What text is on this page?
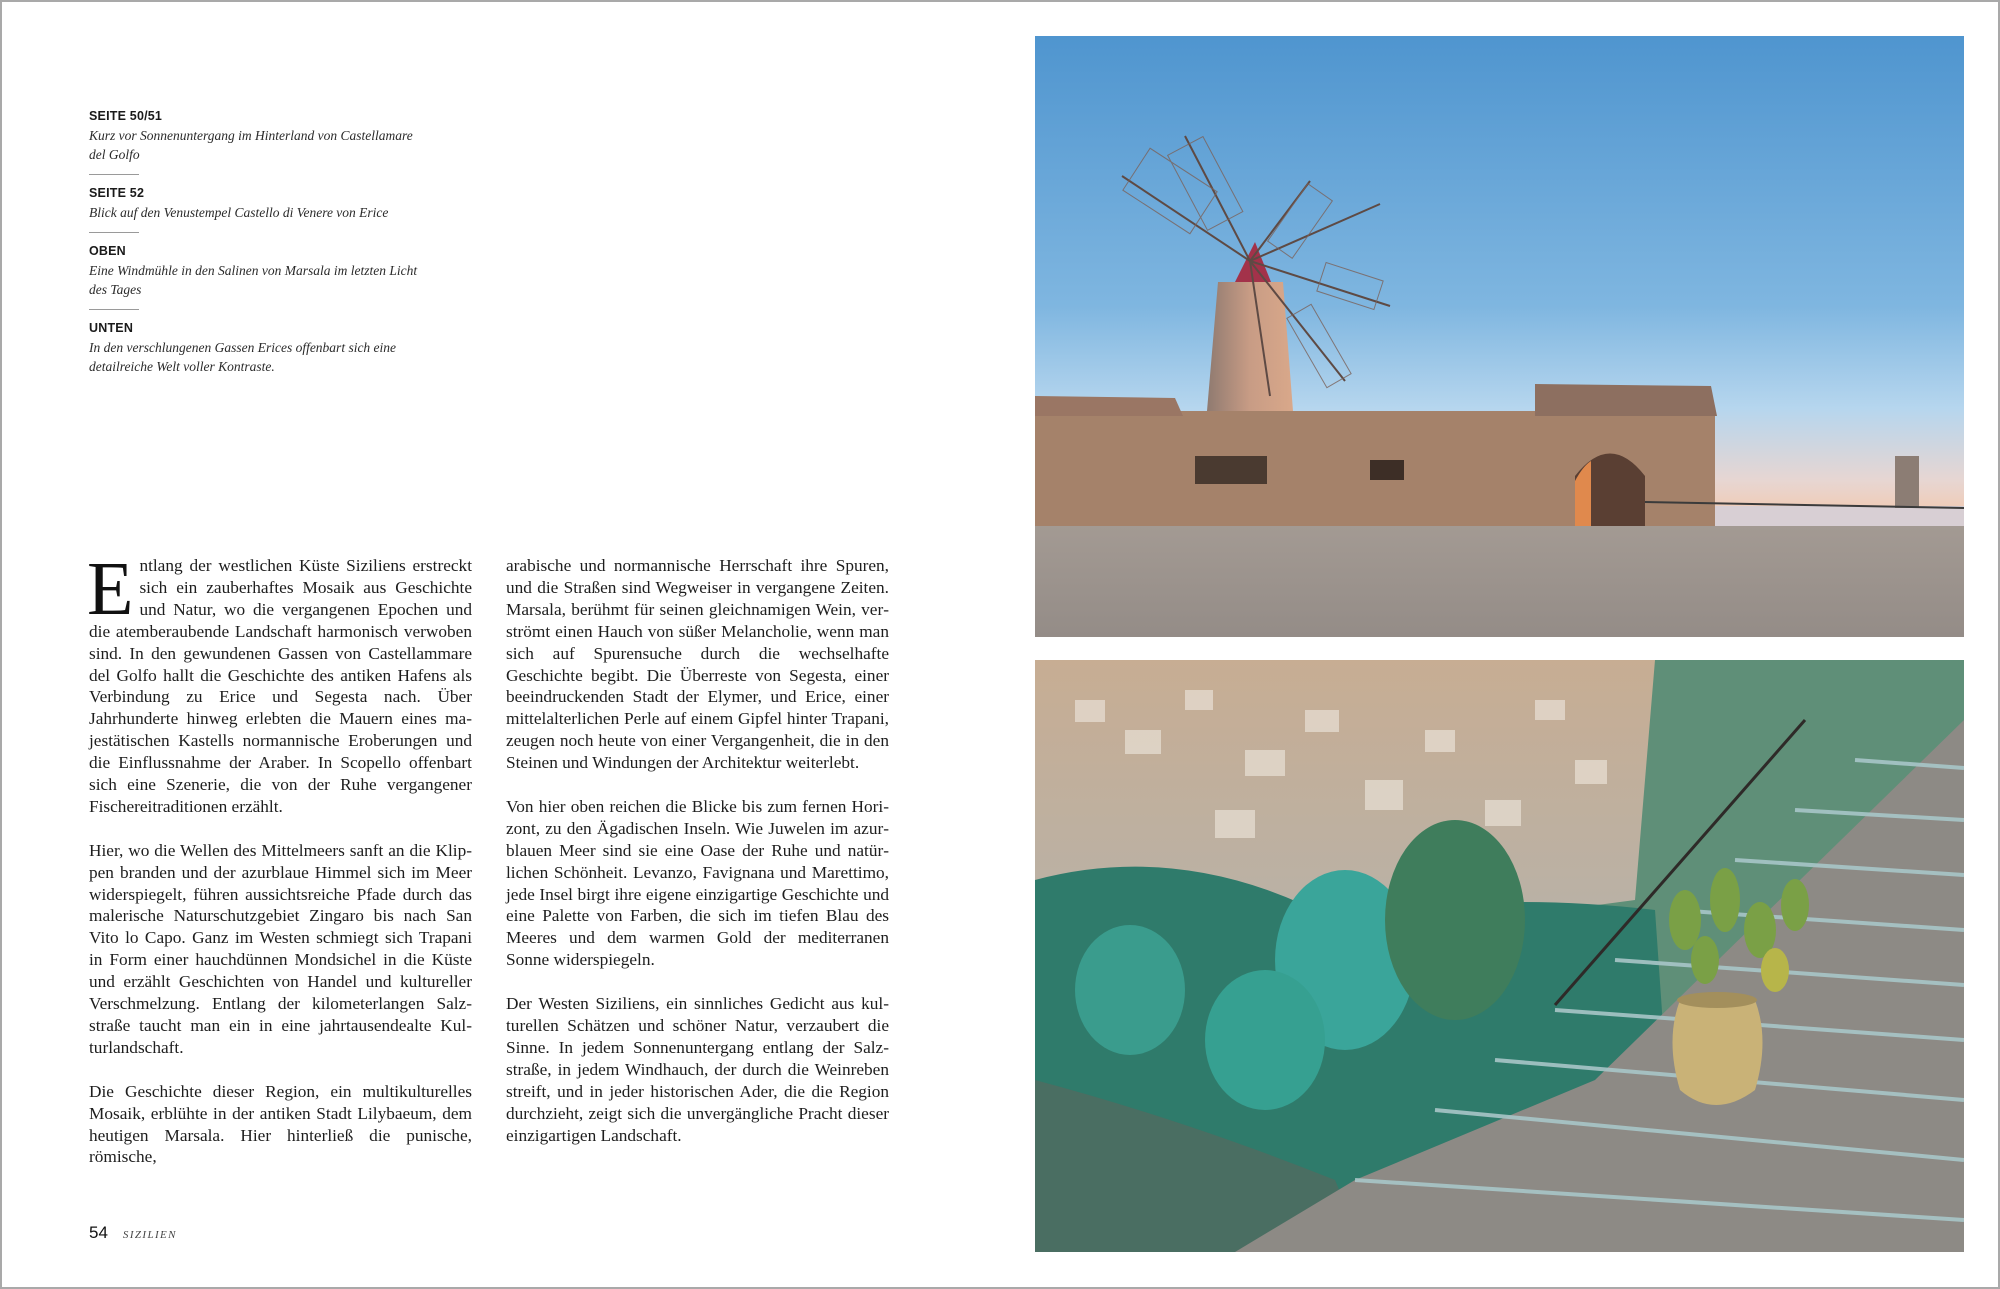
SEITE 50/51
Kurz vor Sonnenuntergang im Hinterland von Castellamare del Golfo
SEITE 52
Blick auf den Venustempel Castello di Venere von Erice
OBEN
Eine Windmühle in den Salinen von Marsala im letzten Licht des Tages
UNTEN
In den verschlungenen Gassen Erices offenbart sich eine detailreiche Welt voller Kontraste.

Entlang der westlichen Küste Siziliens erstreckt sich ein zauberhaftes Mosaik aus Geschichte und Natur, wo die vergangenen Epochen und die atemberaubende Landschaft harmonisch verwoben sind. In den gewundenen Gassen von Castellammare del Golfo hallt die Geschichte des antiken Hafens als Verbindung zu Erice und Segesta nach. Über Jahrhunderte hinweg erlebten die Mauern eines majestätischen Kastells normannische Eroberungen und die Einflussnahme der Araber. In Scopello offenbart sich eine Szenerie, die von der Ruhe vergangener Fischereitraditionen erzählt.

Hier, wo die Wellen des Mittelmeers sanft an die Klippen branden und der azurblaue Himmel sich im Meer widerspiegelt, führen aussichtsreiche Pfade durch das malerische Naturschutzgebiet Zingaro bis nach San Vito lo Capo. Ganz im Westen schmiegt sich Trapani in Form einer hauchdünnen Mondsichel in die Küste und erzählt Geschichten von Handel und kultureller Verschmelzung. Entlang der kilometerlangen Salzstraße taucht man ein in eine jahrtausendealte Kulturlandschaft.

Die Geschichte dieser Region, ein multikulturelles Mosaik, erblühte in der antiken Stadt Lilybaeum, dem heutigen Marsala. Hier hinterließ die punische, römische,

arabische und normannische Herrschaft ihre Spuren, und die Straßen sind Wegweiser in vergangene Zeiten. Marsala, berühmt für seinen gleichnamigen Wein, verströmt einen Hauch von süßer Melancholie, wenn man sich auf Spurensuche durch die wechselhafte Geschichte begibt. Die Überreste von Segesta, einer beeindruckenden Stadt der Elymer, und Erice, einer mittelalterlichen Perle auf einem Gipfel hinter Trapani, zeugen noch heute von einer Vergangenheit, die in den Steinen und Windungen der Architektur weiterlebt.

Von hier oben reichen die Blicke bis zum fernen Horizont, zu den Ägadischen Inseln. Wie Juwelen im azurblauen Meer sind sie eine Oase der Ruhe und natürlichen Schönheit. Levanzo, Favignana und Marettimo, jede Insel birgt ihre eigene einzigartige Geschichte und eine Palette von Farben, die sich im tiefen Blau des Meeres und dem warmen Gold der mediterranen Sonne widerspiegeln.

Der Westen Siziliens, ein sinnliches Gedicht aus kulturellen Schätzen und schöner Natur, verzaubert die Sinne. In jedem Sonnenuntergang entlang der Salzstraße, in jedem Windhauch, der durch die Weinreben streift, und in jeder historischen Ader, die die Region durchzieht, zeigt sich die unvergängliche Pracht dieser einzigartigen Landschaft.

54 SIZILIEN
